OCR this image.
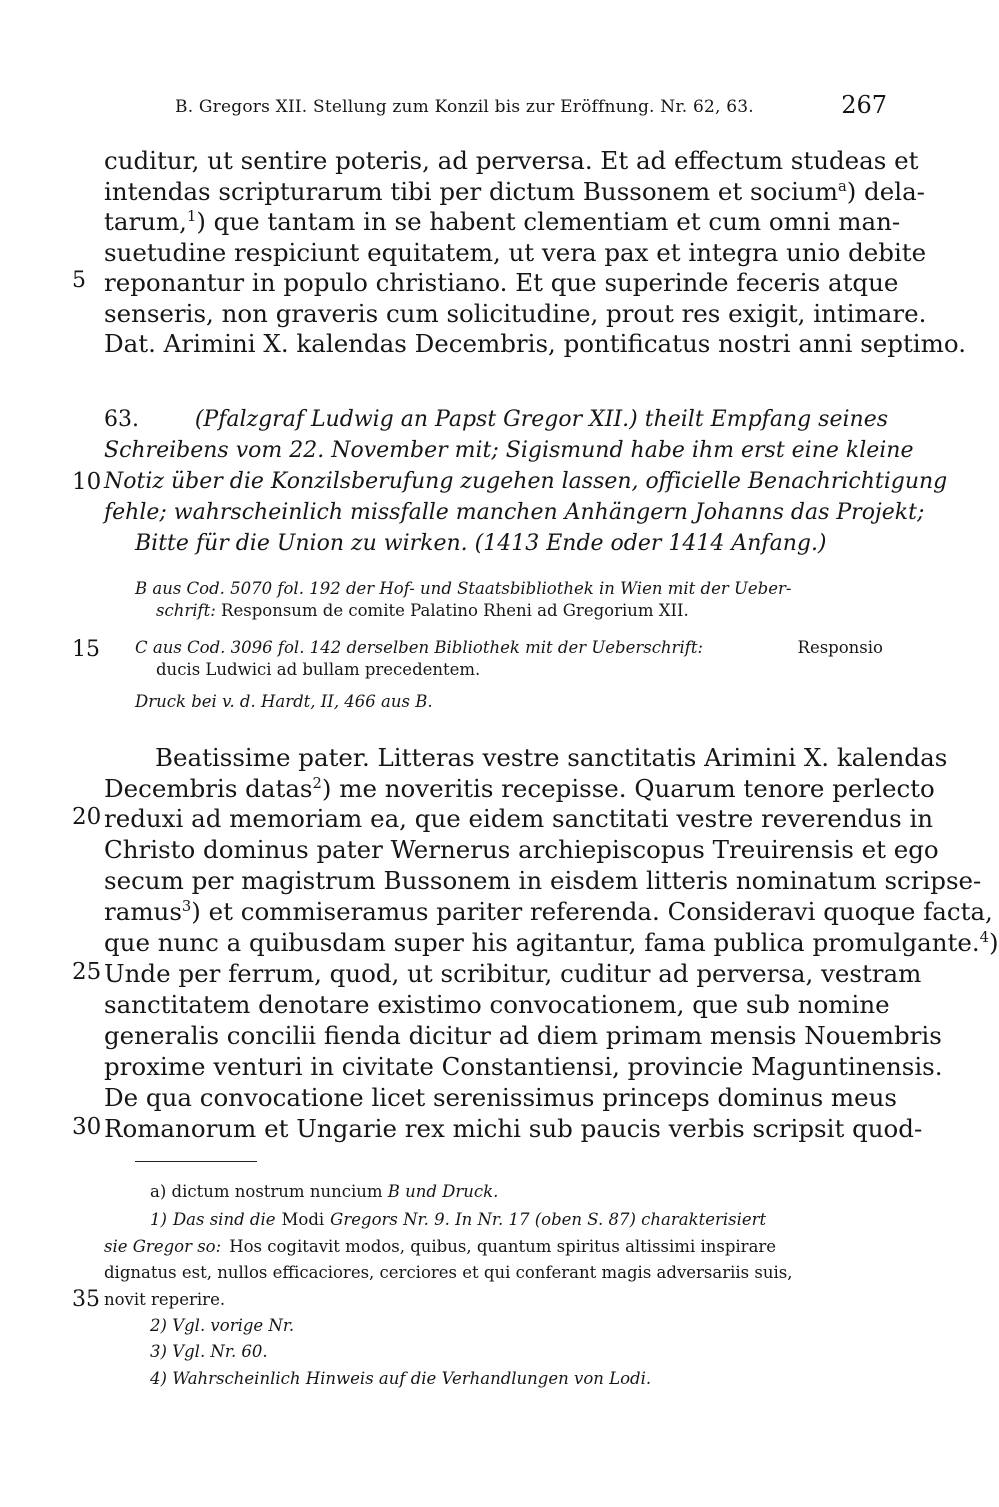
B. Gregors XII. Stellung zum Konzil bis zur Eröffnung. Nr. 62, 63.	267
cuditur, ut sentire poteris, ad perversa. Et ad effectum studeas et
intendas scripturarum tibi per dictum Bussonem et socium$^a$) dela-
tarum,$^1$) que tantam in se habent clementiam et cum omni man-
suetudine respiciunt equitatem, ut vera pax et integra unio debite
5 reponantur in populo christiano. Et que superinde feceris atque
senseris, non graveris cum solicitudine, prout res exigit, intimare.
Dat. Arimini X. kalendas Decembris, pontificatus nostri anni septimo.
63.	(Pfalzgraf Ludwig an Papst Gregor XII.) theilt Empfang seines
Schreibens vom 22. November mit; Sigismund habe ihm erst eine kleine
10 Notiz über die Konzilsberufung zugehen lassen, officielle Benachrichtigung
fehle; wahrscheinlich missfalle manchen Anhängern Johanns das Projekt;
Bitte für die Union zu wirken. (1413 Ende oder 1414 Anfang.)
B aus Cod. 5070 fol. 192 der Hof- und Staatsbibliothek in Wien mit der Ueber-
schrift: Responsum de comite Palatino Rheni ad Gregorium XII.
15 C aus Cod. 3096 fol. 142 derselben Bibliothek mit der Ueberschrift:	Responsio
ducis Ludwici ad bullam precedentem.
Druck bei v. d. Hardt, II, 466 aus B.
Beatissime pater. Litteras vestre sanctitatis Arimini X. kalendas
Decembris datas$^2$) me noveritis recepisse. Quarum tenore perlecto
20 reduxi ad memoriam ea, que eidem sanctitati vestre reverendus in
Christo dominus pater Wernerus archiepiscopus Treuirensis et ego
secum per magistrum Bussonem in eisdem litteris nominatum scripse-
ramus$^3$) et commiseramus pariter referenda. Consideravi quoque facta,
que nunc a quibusdam super his agitantur, fama publica promulgante.$^4$)
25 Unde per ferrum, quod, ut scribitur, cuditur ad perversa, vestram
sanctitatem denotare existimo convocationem, que sub nomine
generalis concilii fienda dicitur ad diem primam mensis Nouembris
proxime venturi in civitate Constantiensi, provincie Maguntinensis.
De qua convocatione licet serenissimus princeps dominus meus
30 Romanorum et Ungarie rex michi sub paucis verbis scripsit quod-
a) dictum nostrum nuncium B und Druck.
1) Das sind die Modi Gregors Nr. 9. In Nr. 17 (oben S. 87) charakterisiert
sie Gregor so: Hos cogitavit modos, quibus, quantum spiritus altissimi inspirare
dignatus est, nullos efficaciores, cerciores et qui conferant magis adversariis suis,
35 novit reperire.
2) Vgl. vorige Nr.
3) Vgl. Nr. 60.
4) Wahrscheinlich Hinweis auf die Verhandlungen von Lodi.
